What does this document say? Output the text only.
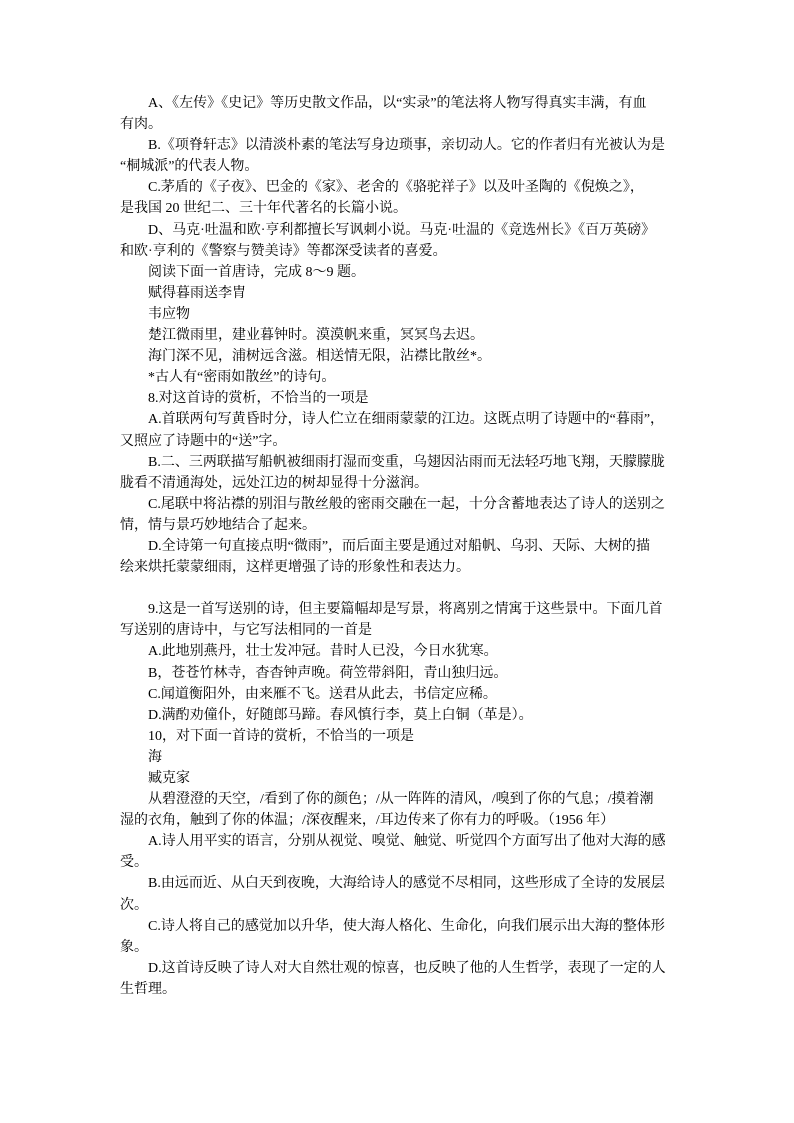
A、《左传》《史记》等历史散文作品，以“实录”的笔法将人物写得真实丰满，有血
有肉。
B.《项脊轩志》以清淡朴素的笔法写身边琐事，亲切动人。它的作者归有光被认为是
“桐城派”的代表人物。
C.茅盾的《子夜》、巴金的《家》、老舍的《骆驼祥子》以及叶圣陶的《倪焕之》，
是我国 20 世纪二、三十年代著名的长篇小说。
D、马克·吐温和欧·亨利都擅长写讽刺小说。马克·吐温的《竞选州长》《百万英磅》
和欧·亨利的《警察与赞美诗》等都深受读者的喜爱。
阅读下面一首唐诗，完成 8～9 题。
赋得暮雨送李胄
韦应物
楚江微雨里，建业暮钟时。漠漠帆来重，冥冥鸟去迟。
海门深不见，浦树远含滋。相送情无限，沾襟比散丝*。
*古人有“密雨如散丝”的诗句。
8.对这首诗的赏析，不恰当的一项是
A.首联两句写黄昏时分，诗人伫立在细雨蒙蒙的江边。这既点明了诗题中的“暮雨”，
又照应了诗题中的“送”字。
B.二、三两联描写船帆被细雨打湿而变重，乌翅因沾雨而无法轻巧地飞翔，天朦朦胧
胧看不清通海处，远处江边的树却显得十分滋润。
C.尾联中将沾襟的别泪与散丝般的密雨交融在一起，十分含蓄地表达了诗人的送别之
情，情与景巧妙地结合了起来。
D.全诗第一句直接点明“微雨”，而后面主要是通过对船帆、乌羽、天际、大树的描
绘来烘托蒙蒙细雨，这样更增强了诗的形象性和表达力。
9.这是一首写送别的诗，但主要篇幅却是写景，将离别之情寓于这些景中。下面几首
写送别的唐诗中，与它写法相同的一首是
A.此地别燕丹，壮士发冲冠。昔时人已没，今日水犹寒。
B，苍苍竹林寺，杳杳钟声晚。荷笠带斜阳，青山独归远。
C.闻道衡阳外，由来雁不飞。送君从此去，书信定应稀。
D.满酌劝僮仆，好随郎马蹄。春风慎行李，莫上白铜（革是）。
10，对下面一首诗的赏析，不恰当的一项是
海
臧克家
从碧澄澄的天空，/看到了你的颜色；/从一阵阵的清风，/嗅到了你的气息；/摸着潮
湿的衣角，触到了你的体温；/深夜醒来，/耳边传来了你有力的呼吸。（1956 年）
A.诗人用平实的语言，分别从视觉、嗅觉、触觉、听觉四个方面写出了他对大海的感
受。
B.由远而近、从白天到夜晚，大海给诗人的感觉不尽相同，这些形成了全诗的发展层
次。
C.诗人将自己的感觉加以升华，使大海人格化、生命化，向我们展示出大海的整体形
象。
D.这首诗反映了诗人对大自然壮观的惊喜，也反映了他的人生哲学，表现了一定的人
生哲理。
